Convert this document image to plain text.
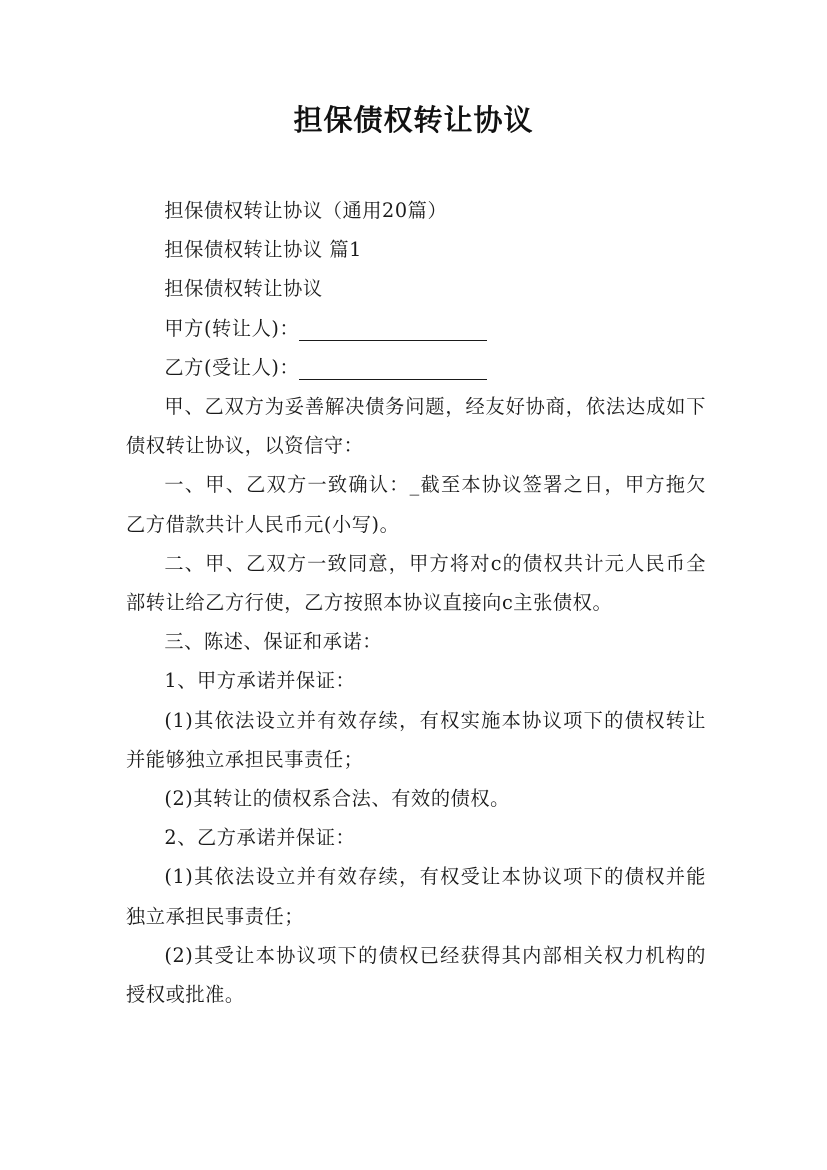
担保债权转让协议

担保债权转让协议（通用20篇）

担保债权转让协议 篇1

担保债权转让协议

甲方(转让人)：

乙方(受让人)：

甲、乙双方为妥善解决债务问题，经友好协商，依法达成如下债权转让协议，以资信守：

一、甲、乙双方一致确认：_截至本协议签署之日，甲方拖欠乙方借款共计人民币元(小写)。

二、甲、乙双方一致同意，甲方将对c的债权共计元人民币全部转让给乙方行使，乙方按照本协议直接向c主张债权。

三、陈述、保证和承诺：

1、甲方承诺并保证：

(1)其依法设立并有效存续，有权实施本协议项下的债权转让并能够独立承担民事责任；

(2)其转让的债权系合法、有效的债权。

2、乙方承诺并保证：

(1)其依法设立并有效存续，有权受让本协议项下的债权并能独立承担民事责任；

(2)其受让本协议项下的债权已经获得其内部相关权力机构的授权或批准。
